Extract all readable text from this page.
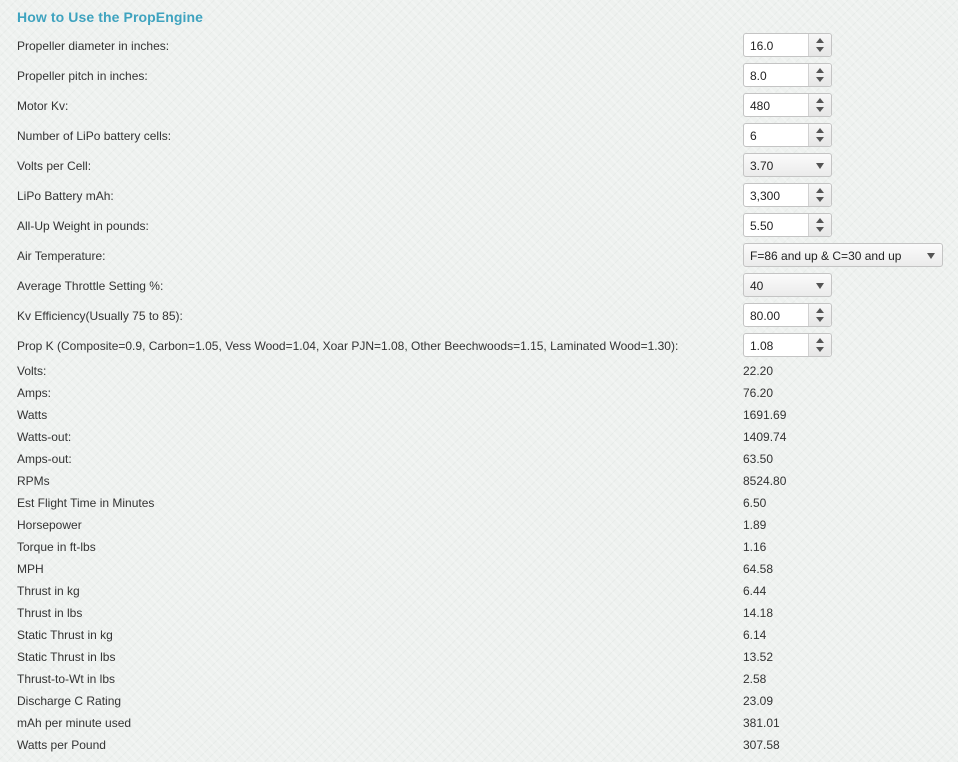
How to Use the PropEngine
Propeller diameter in inches:	16.0
Propeller pitch in inches:	8.0
Motor Kv:	480
Number of LiPo battery cells:	6
Volts per Cell:	3.70
LiPo Battery mAh:	3,300
All-Up Weight in pounds:	5.50
Air Temperature:	F=86 and up & C=30 and up
Average Throttle Setting %:	40
Kv Efficiency(Usually 75 to 85):	80.00
Prop K (Composite=0.9, Carbon=1.05, Vess Wood=1.04, Xoar PJN=1.08, Other Beechwoods=1.15, Laminated Wood=1.30):	1.08
Volts:	22.20
Amps:	76.20
Watts	1691.69
Watts-out:	1409.74
Amps-out:	63.50
RPMs	8524.80
Est Flight Time in Minutes	6.50
Horsepower	1.89
Torque in ft-lbs	1.16
MPH	64.58
Thrust in kg	6.44
Thrust in lbs	14.18
Static Thrust in kg	6.14
Static Thrust in lbs	13.52
Thrust-to-Wt in lbs	2.58
Discharge C Rating	23.09
mAh per minute used	381.01
Watts per Pound	307.58
